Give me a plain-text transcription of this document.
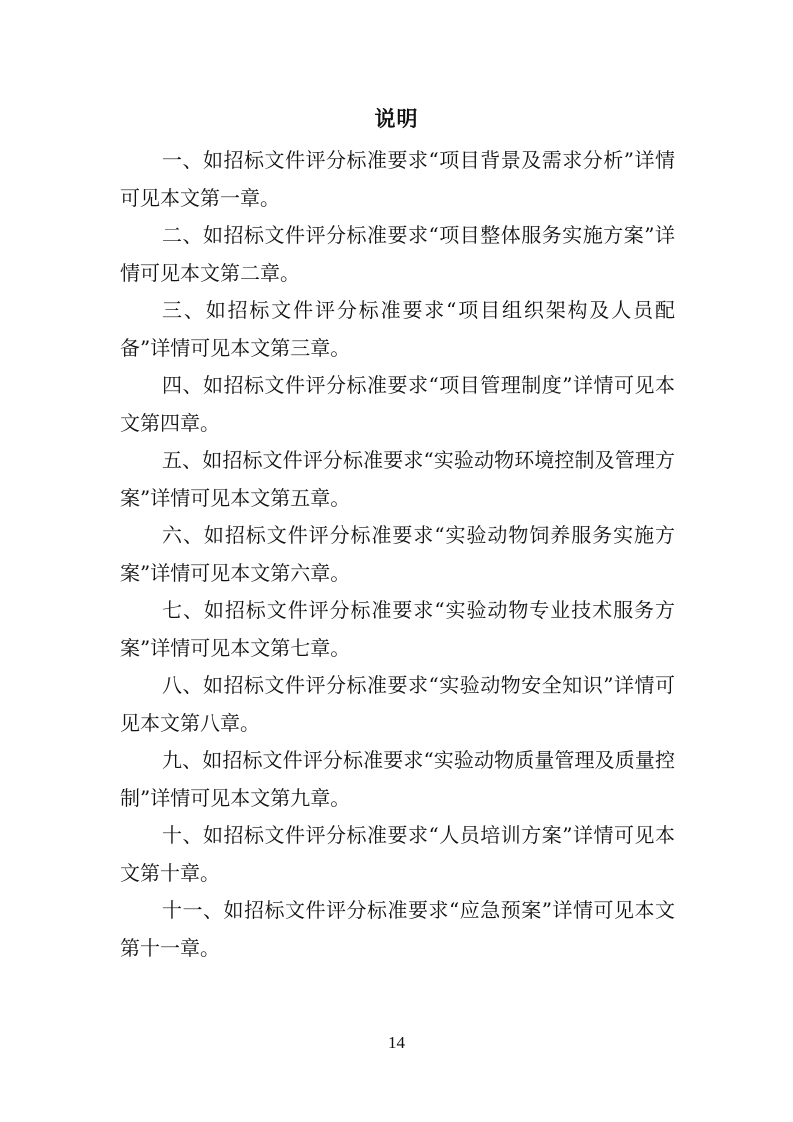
说明

一、如招标文件评分标准要求“项目背景及需求分析”详情可见本文第一章。

二、如招标文件评分标准要求“项目整体服务实施方案”详情可见本文第二章。

三、如招标文件评分标准要求“项目组织架构及人员配备”详情可见本文第三章。

四、如招标文件评分标准要求“项目管理制度”详情可见本文第四章。

五、如招标文件评分标准要求“实验动物环境控制及管理方案”详情可见本文第五章。

六、如招标文件评分标准要求“实验动物饲养服务实施方案”详情可见本文第六章。

七、如招标文件评分标准要求“实验动物专业技术服务方案”详情可见本文第七章。

八、如招标文件评分标准要求“实验动物安全知识”详情可见本文第八章。

九、如招标文件评分标准要求“实验动物质量管理及质量控制”详情可见本文第九章。

十、如招标文件评分标准要求“人员培训方案”详情可见本文第十章。

十一、如招标文件评分标准要求“应急预案”详情可见本文第十一章。

14
